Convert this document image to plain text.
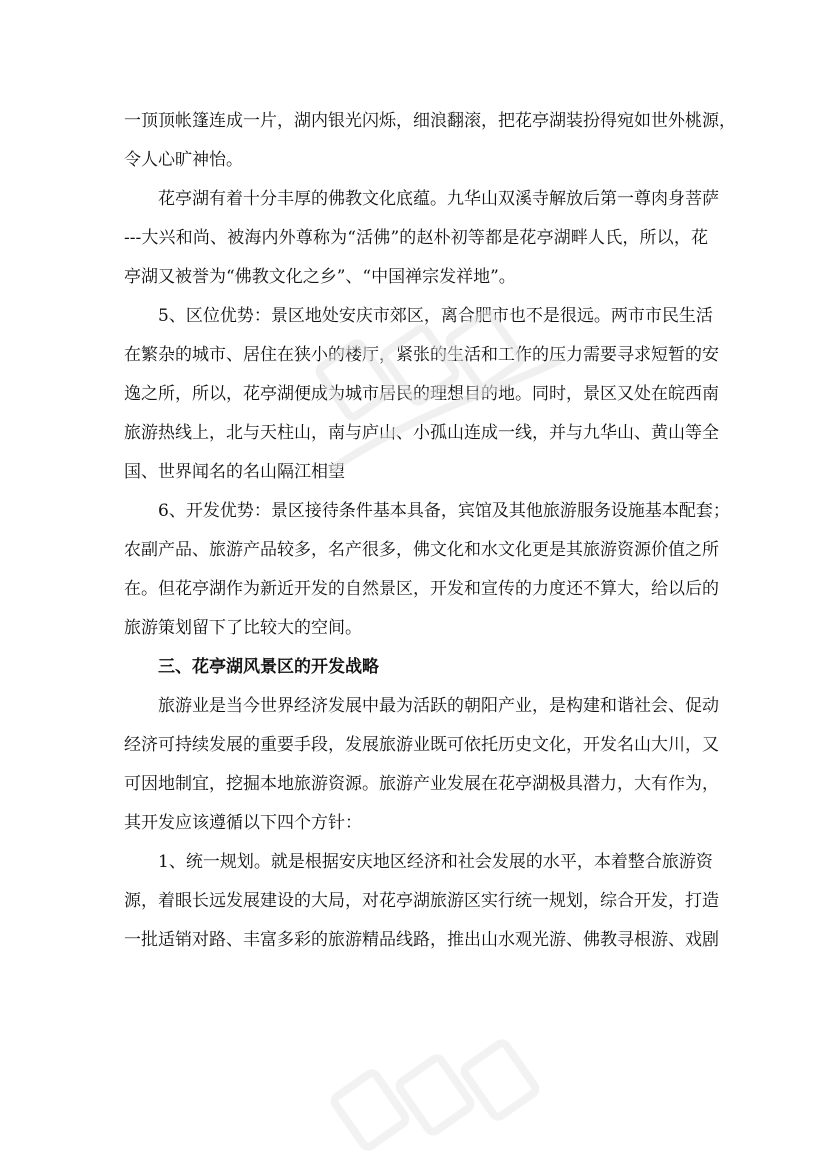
一顶顶帐篷连成一片，湖内银光闪烁，细浪翻滚，把花亭湖装扮得宛如世外桃源，
令人心旷神怡。
花亭湖有着十分丰厚的佛教文化底蕴。九华山双溪寺解放后第一尊肉身菩萨
---大兴和尚、被海内外尊称为“活佛”的赵朴初等都是花亭湖畔人氏，所以，花
亭湖又被誉为“佛教文化之乡”、“中国禅宗发祥地”。
5、区位优势：景区地处安庆市郊区，离合肥市也不是很远。两市市民生活
在繁杂的城市、居住在狭小的楼厅，紧张的生活和工作的压力需要寻求短暂的安
逸之所，所以，花亭湖便成为城市居民的理想目的地。同时，景区又处在皖西南
旅游热线上，北与天柱山，南与庐山、小孤山连成一线，并与九华山、黄山等全
国、世界闻名的名山隔江相望
6、开发优势：景区接待条件基本具备，宾馆及其他旅游服务设施基本配套；
农副产品、旅游产品较多，名产很多，佛文化和水文化更是其旅游资源价值之所
在。但花亭湖作为新近开发的自然景区，开发和宣传的力度还不算大，给以后的
旅游策划留下了比较大的空间。
三、花亭湖风景区的开发战略
旅游业是当今世界经济发展中最为活跃的朝阳产业，是构建和谐社会、促动
经济可持续发展的重要手段，发展旅游业既可依托历史文化，开发名山大川，又
可因地制宜，挖掘本地旅游资源。旅游产业发展在花亭湖极具潜力，大有作为，
其开发应该遵循以下四个方针：
1、统一规划。就是根据安庆地区经济和社会发展的水平，本着整合旅游资
源，着眼长远发展建设的大局，对花亭湖旅游区实行统一规划，综合开发，打造
一批适销对路、丰富多彩的旅游精品线路，推出山水观光游、佛教寻根游、戏剧
